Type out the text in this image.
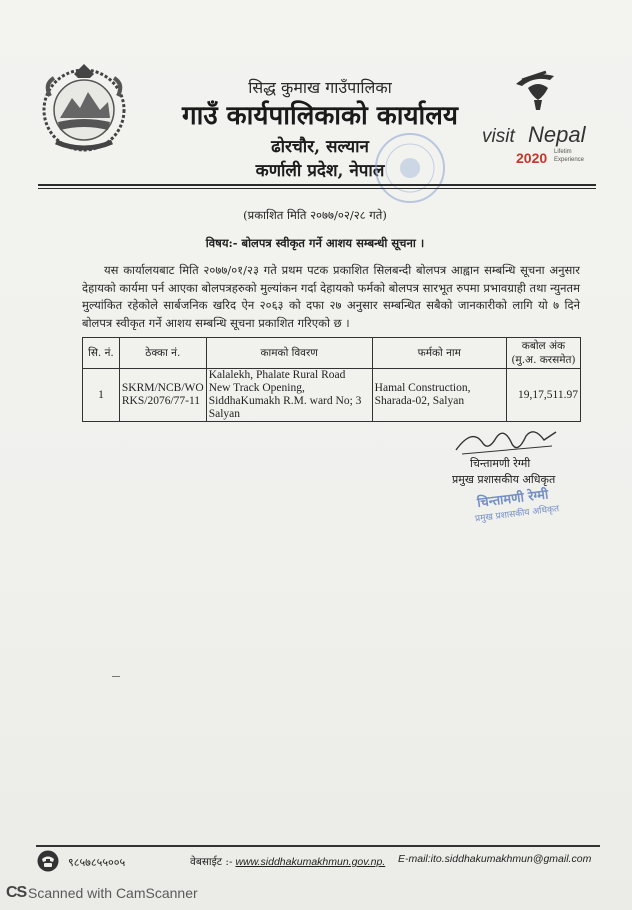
सिद्ध कुमाख गाउँपालिका
गाउँ कार्यपालिकाको कार्यालय
ढोरचौर, सल्यान
कर्णाली प्रदेश, नेपाल
visit Nepal
2020 Lifetim
Experience
(प्रकाशित मिति २०७७/०२/२८ गते)
विषय:- बोलपत्र स्वीकृत गर्ने आशय सम्बन्धी सूचना ।
यस कार्यालयबाट मिति २०७७/०१/२३ गते प्रथम पटक प्रकाशित सिलबन्दी बोलपत्र आह्वान सम्बन्धि सूचना अनुसार देहायको कार्यमा पर्न आएका बोलपत्रहरुको मुल्यांकन गर्दा देहायको फर्मको बोलपत्र सारभूत रुपमा प्रभावग्राही तथा न्युनतम मुल्यांकित रहेकोले सार्बजनिक खरिद ऐन २०६३ को दफा २७ अनुसार सम्बन्धित सबैको जानकारीको लागि यो ७ दिने बोलपत्र स्वीकृत गर्ने आशय सम्बन्धि सूचना प्रकाशित गरिएको छ ।
सि. नं.	ठेक्का नं.	कामको विवरण	फर्मको नाम	कबोल अंक
(मु.अ. करसमेत)

1	SKRM/NCB/WORKS/2076/77-11	Kalalekh, Phalate Rural Road New Track Opening, SiddhaKumakh R.M. ward No; 3 Salyan	Hamal Construction, Sharada-02, Salyan	19,17,511.97
चिन्तामणी रेग्मी
प्रमुख प्रशासकीय अधिकृत
चिन्तामणी रेग्मी
प्रमुख प्रशासकीय अधिकृत
९८५७८५५००५	वेबसाईट :- www.siddhakumakhmun.gov.np. E-mail:ito.siddhakumakhmun@gmail.com
CS Scanned with CamScanner
